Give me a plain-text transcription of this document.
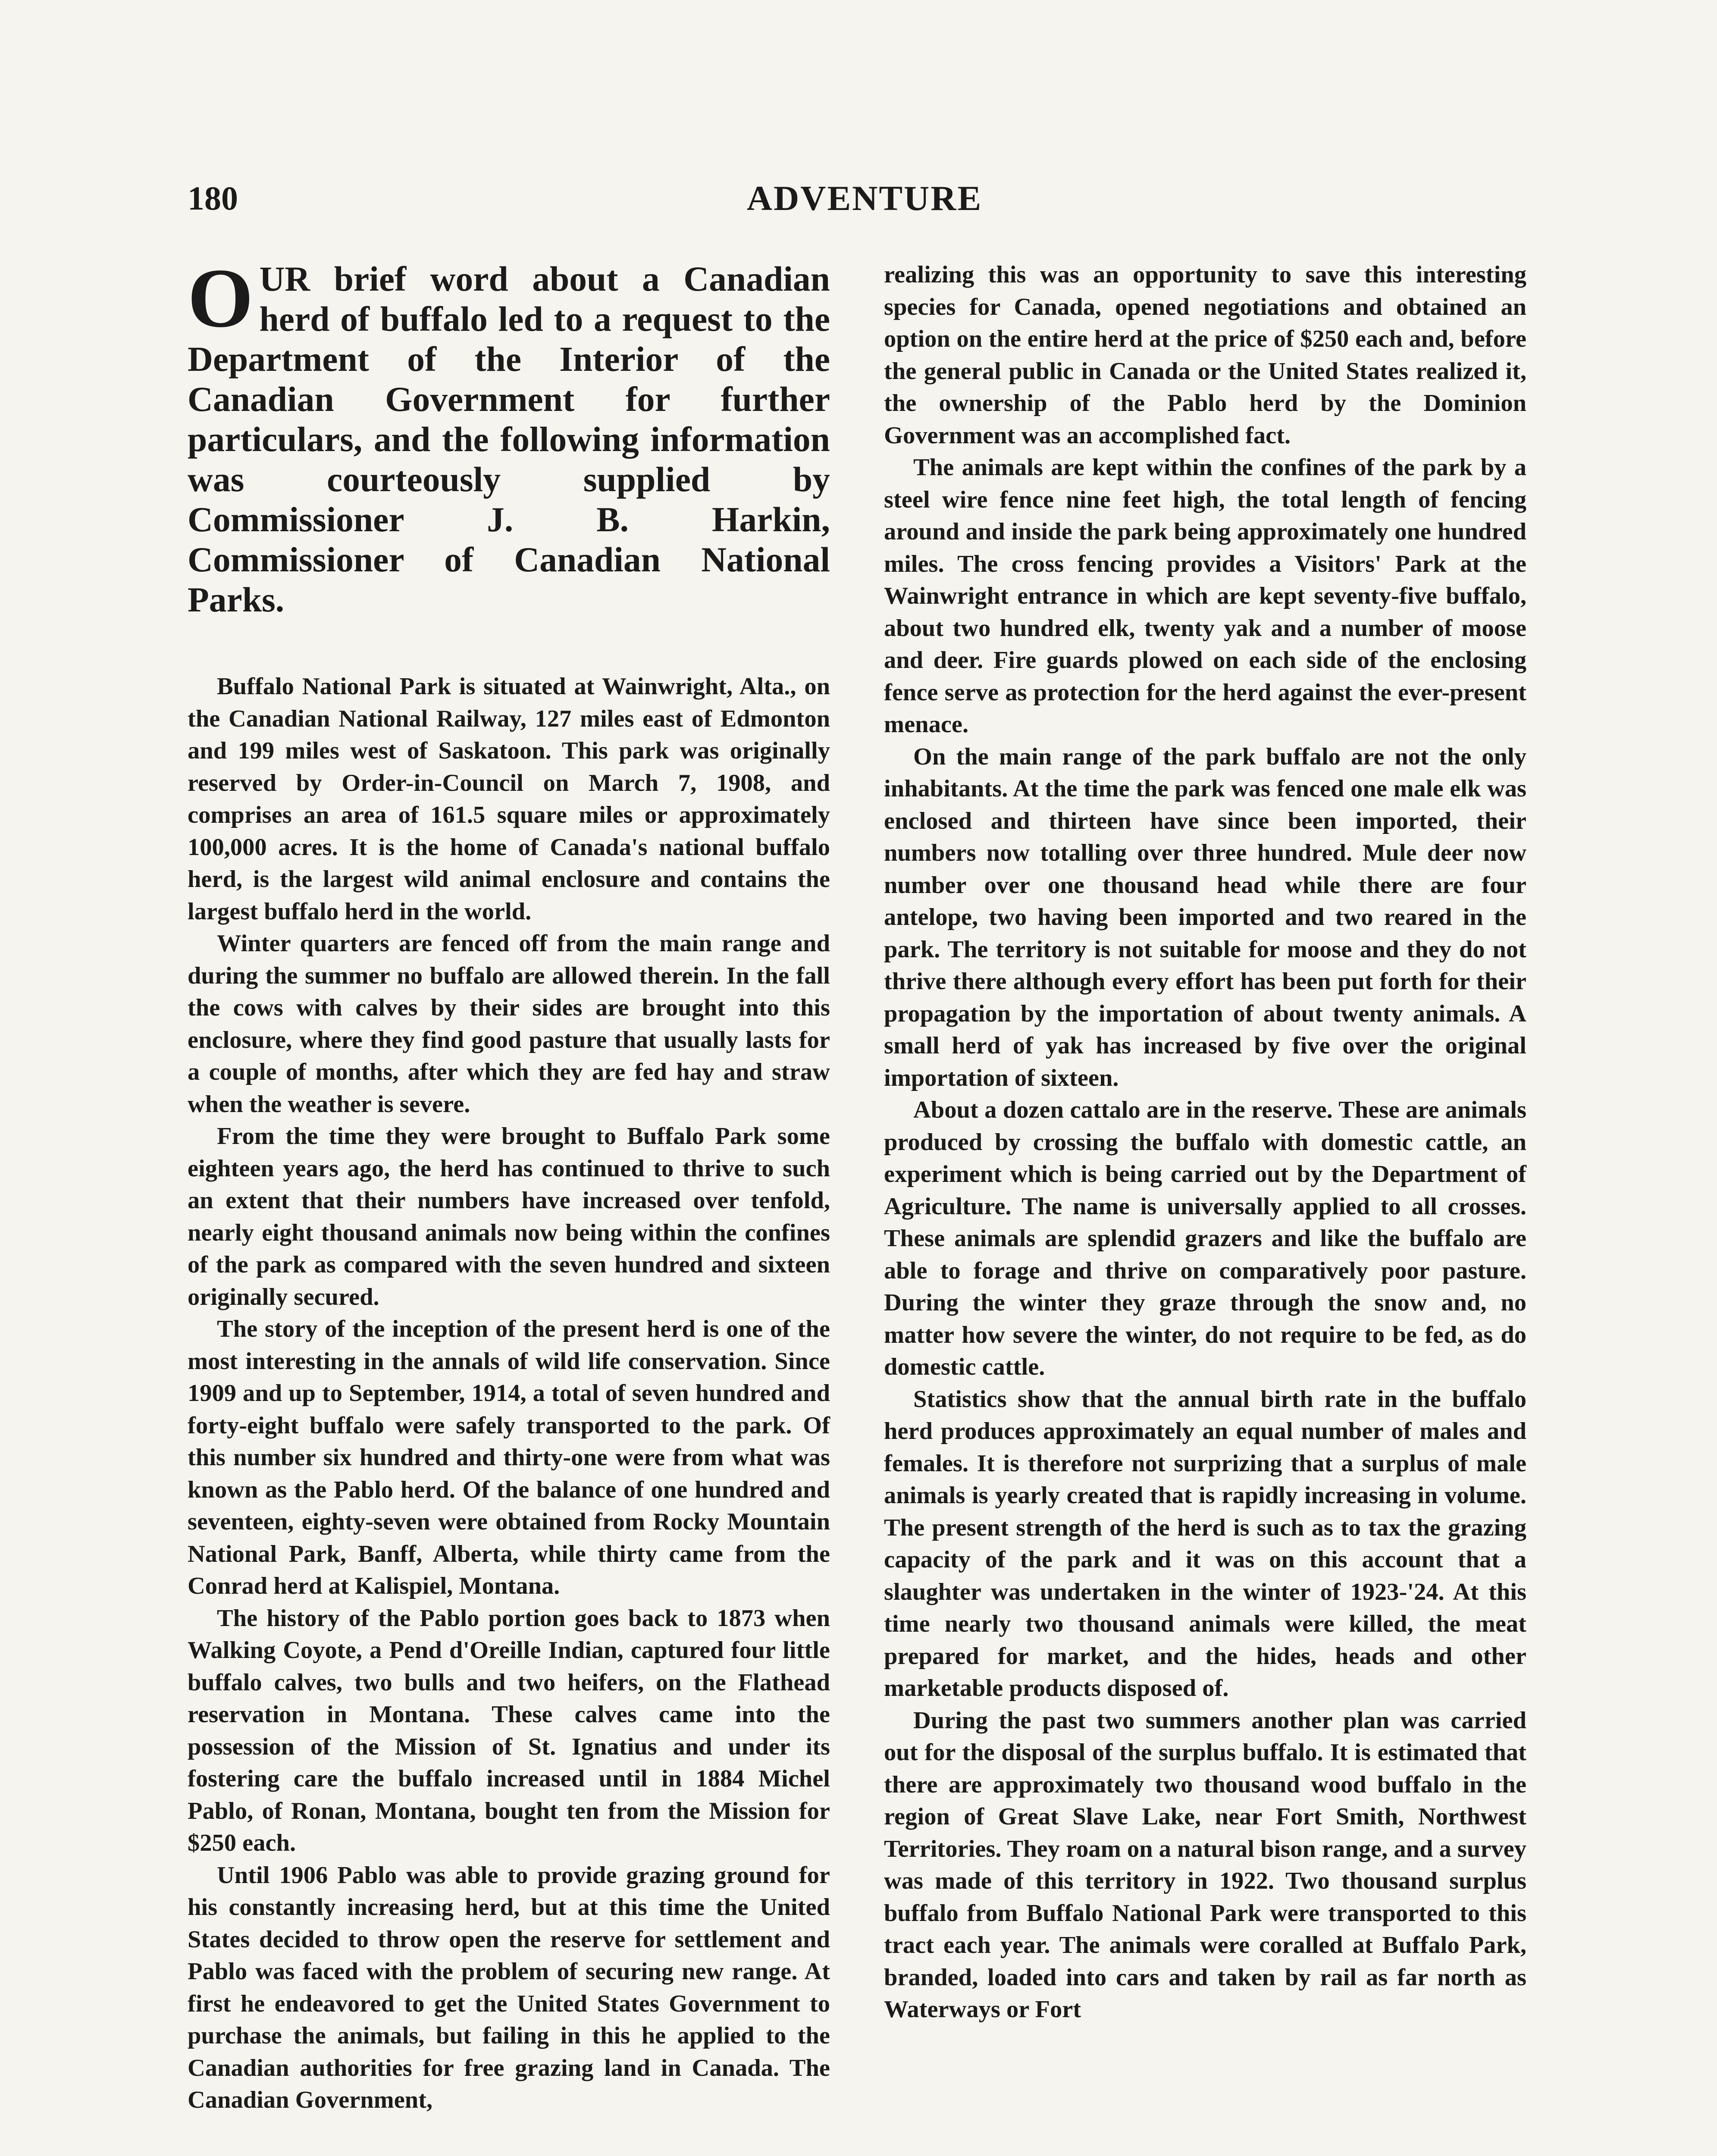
180	ADVENTURE
OUR brief word about a Canadian herd of buffalo led to a request to the Department of the Interior of the Canadian Government for further particulars, and the following information was courteously supplied by Commissioner J. B. Harkin, Commissioner of Canadian National Parks.

Buffalo National Park is situated at Wainwright, Alta., on the Canadian National Railway, 127 miles east of Edmonton and 199 miles west of Saskatoon. This park was originally reserved by Order-in-Council on March 7, 1908, and comprises an area of 161.5 square miles or approximately 100,000 acres. It is the home of Canada's national buffalo herd, is the largest wild animal enclosure and contains the largest buffalo herd in the world.

Winter quarters are fenced off from the main range and during the summer no buffalo are allowed therein. In the fall the cows with calves by their sides are brought into this enclosure, where they find good pasture that usually lasts for a couple of months, after which they are fed hay and straw when the weather is severe.

From the time they were brought to Buffalo Park some eighteen years ago, the herd has continued to thrive to such an extent that their numbers have increased over tenfold, nearly eight thousand animals now being within the confines of the park as compared with the seven hundred and sixteen originally secured.

The story of the inception of the present herd is one of the most interesting in the annals of wild life conservation. Since 1909 and up to September, 1914, a total of seven hundred and forty-eight buffalo were safely transported to the park. Of this number six hundred and thirty-one were from what was known as the Pablo herd. Of the balance of one hundred and seventeen, eighty-seven were obtained from Rocky Mountain National Park, Banff, Alberta, while thirty came from the Conrad herd at Kalispiel, Montana.

The history of the Pablo portion goes back to 1873 when Walking Coyote, a Pend d'Oreille Indian, captured four little buffalo calves, two bulls and two heifers, on the Flathead reservation in Montana. These calves came into the possession of the Mission of St. Ignatius and under its fostering care the buffalo increased until in 1884 Michel Pablo, of Ronan, Montana, bought ten from the Mission for $250 each.

Until 1906 Pablo was able to provide grazing ground for his constantly increasing herd, but at this time the United States decided to throw open the reserve for settlement and Pablo was faced with the problem of securing new range. At first he endeavored to get the United States Government to purchase the animals, but failing in this he applied to the Canadian authorities for free grazing land in Canada. The Canadian Government,

realizing this was an opportunity to save this interesting species for Canada, opened negotiations and obtained an option on the entire herd at the price of $250 each and, before the general public in Canada or the United States realized it, the ownership of the Pablo herd by the Dominion Government was an accomplished fact.

The animals are kept within the confines of the park by a steel wire fence nine feet high, the total length of fencing around and inside the park being approximately one hundred miles. The cross fencing provides a Visitors' Park at the Wainwright entrance in which are kept seventy-five buffalo, about two hundred elk, twenty yak and a number of moose and deer. Fire guards plowed on each side of the enclosing fence serve as protection for the herd against the ever-present menace.

On the main range of the park buffalo are not the only inhabitants. At the time the park was fenced one male elk was enclosed and thirteen have since been imported, their numbers now totalling over three hundred. Mule deer now number over one thousand head while there are four antelope, two having been imported and two reared in the park. The territory is not suitable for moose and they do not thrive there although every effort has been put forth for their propagation by the importation of about twenty animals. A small herd of yak has increased by five over the original importation of sixteen.

About a dozen cattalo are in the reserve. These are animals produced by crossing the buffalo with domestic cattle, an experiment which is being carried out by the Department of Agriculture. The name is universally applied to all crosses. These animals are splendid grazers and like the buffalo are able to forage and thrive on comparatively poor pasture. During the winter they graze through the snow and, no matter how severe the winter, do not require to be fed, as do domestic cattle.

Statistics show that the annual birth rate in the buffalo herd produces approximately an equal number of males and females. It is therefore not surprizing that a surplus of male animals is yearly created that is rapidly increasing in volume. The present strength of the herd is such as to tax the grazing capacity of the park and it was on this account that a slaughter was undertaken in the winter of 1923-'24. At this time nearly two thousand animals were killed, the meat prepared for market, and the hides, heads and other marketable products disposed of.

During the past two summers another plan was carried out for the disposal of the surplus buffalo. It is estimated that there are approximately two thousand wood buffalo in the region of Great Slave Lake, near Fort Smith, Northwest Territories. They roam on a natural bison range, and a survey was made of this territory in 1922. Two thousand surplus buffalo from Buffalo National Park were transported to this tract each year. The animals were coralled at Buffalo Park, branded, loaded into cars and taken by rail as far north as Waterways or Fort
